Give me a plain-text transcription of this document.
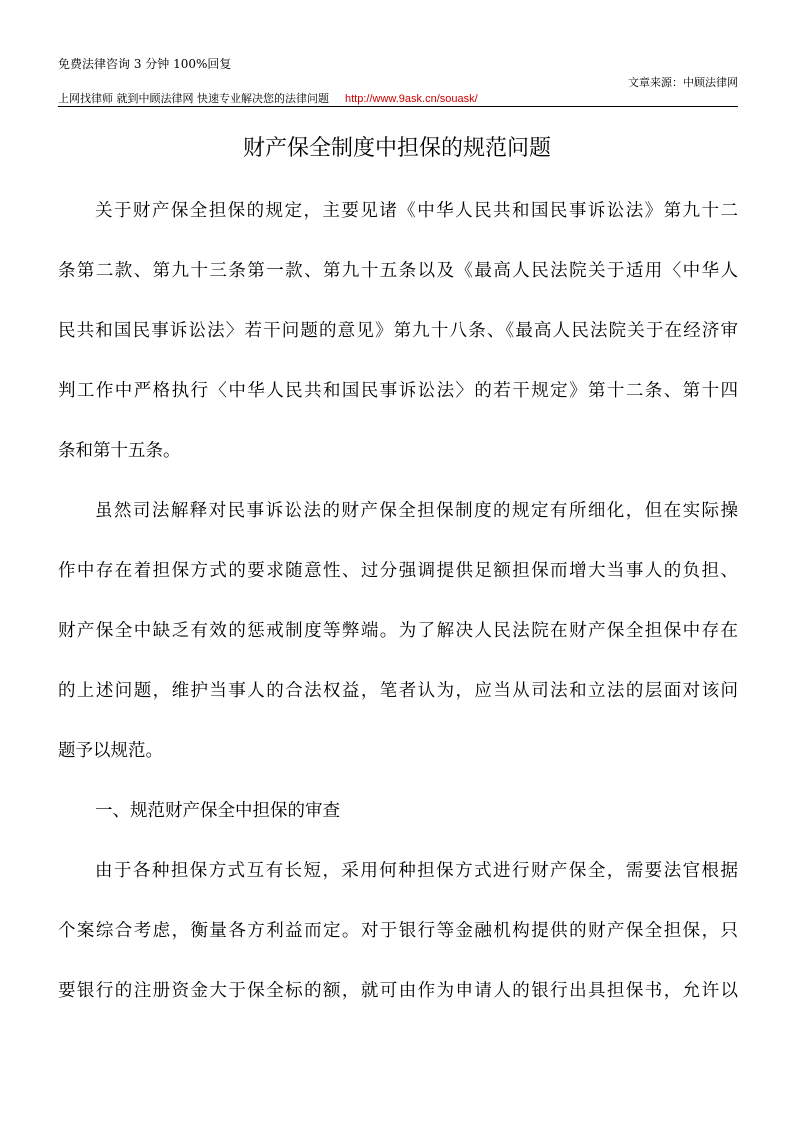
免费法律咨询 3 分钟 100%回复
文章来源：中顾法律网
上网找律师 就到中顾法律网 快速专业解决您的法律问题 http://www.9ask.cn/souask/
财产保全制度中担保的规范问题
关于财产保全担保的规定，主要见诸《中华人民共和国民事诉讼法》第九十二
条第二款、第九十三条第一款、第九十五条以及《最高人民法院关于适用〈中华人
民共和国民事诉讼法〉若干问题的意见》第九十八条、《最高人民法院关于在经济审
判工作中严格执行〈中华人民共和国民事诉讼法〉的若干规定》第十二条、第十四
条和第十五条。
虽然司法解释对民事诉讼法的财产保全担保制度的规定有所细化，但在实际操
作中存在着担保方式的要求随意性、过分强调提供足额担保而增大当事人的负担、
财产保全中缺乏有效的惩戒制度等弊端。为了解决人民法院在财产保全担保中存在
的上述问题，维护当事人的合法权益，笔者认为，应当从司法和立法的层面对该问
题予以规范。
一、规范财产保全中担保的审查
由于各种担保方式互有长短，采用何种担保方式进行财产保全，需要法官根据
个案综合考虑，衡量各方利益而定。对于银行等金融机构提供的财产保全担保，只
要银行的注册资金大于保全标的额，就可由作为申请人的银行出具担保书，允许以
